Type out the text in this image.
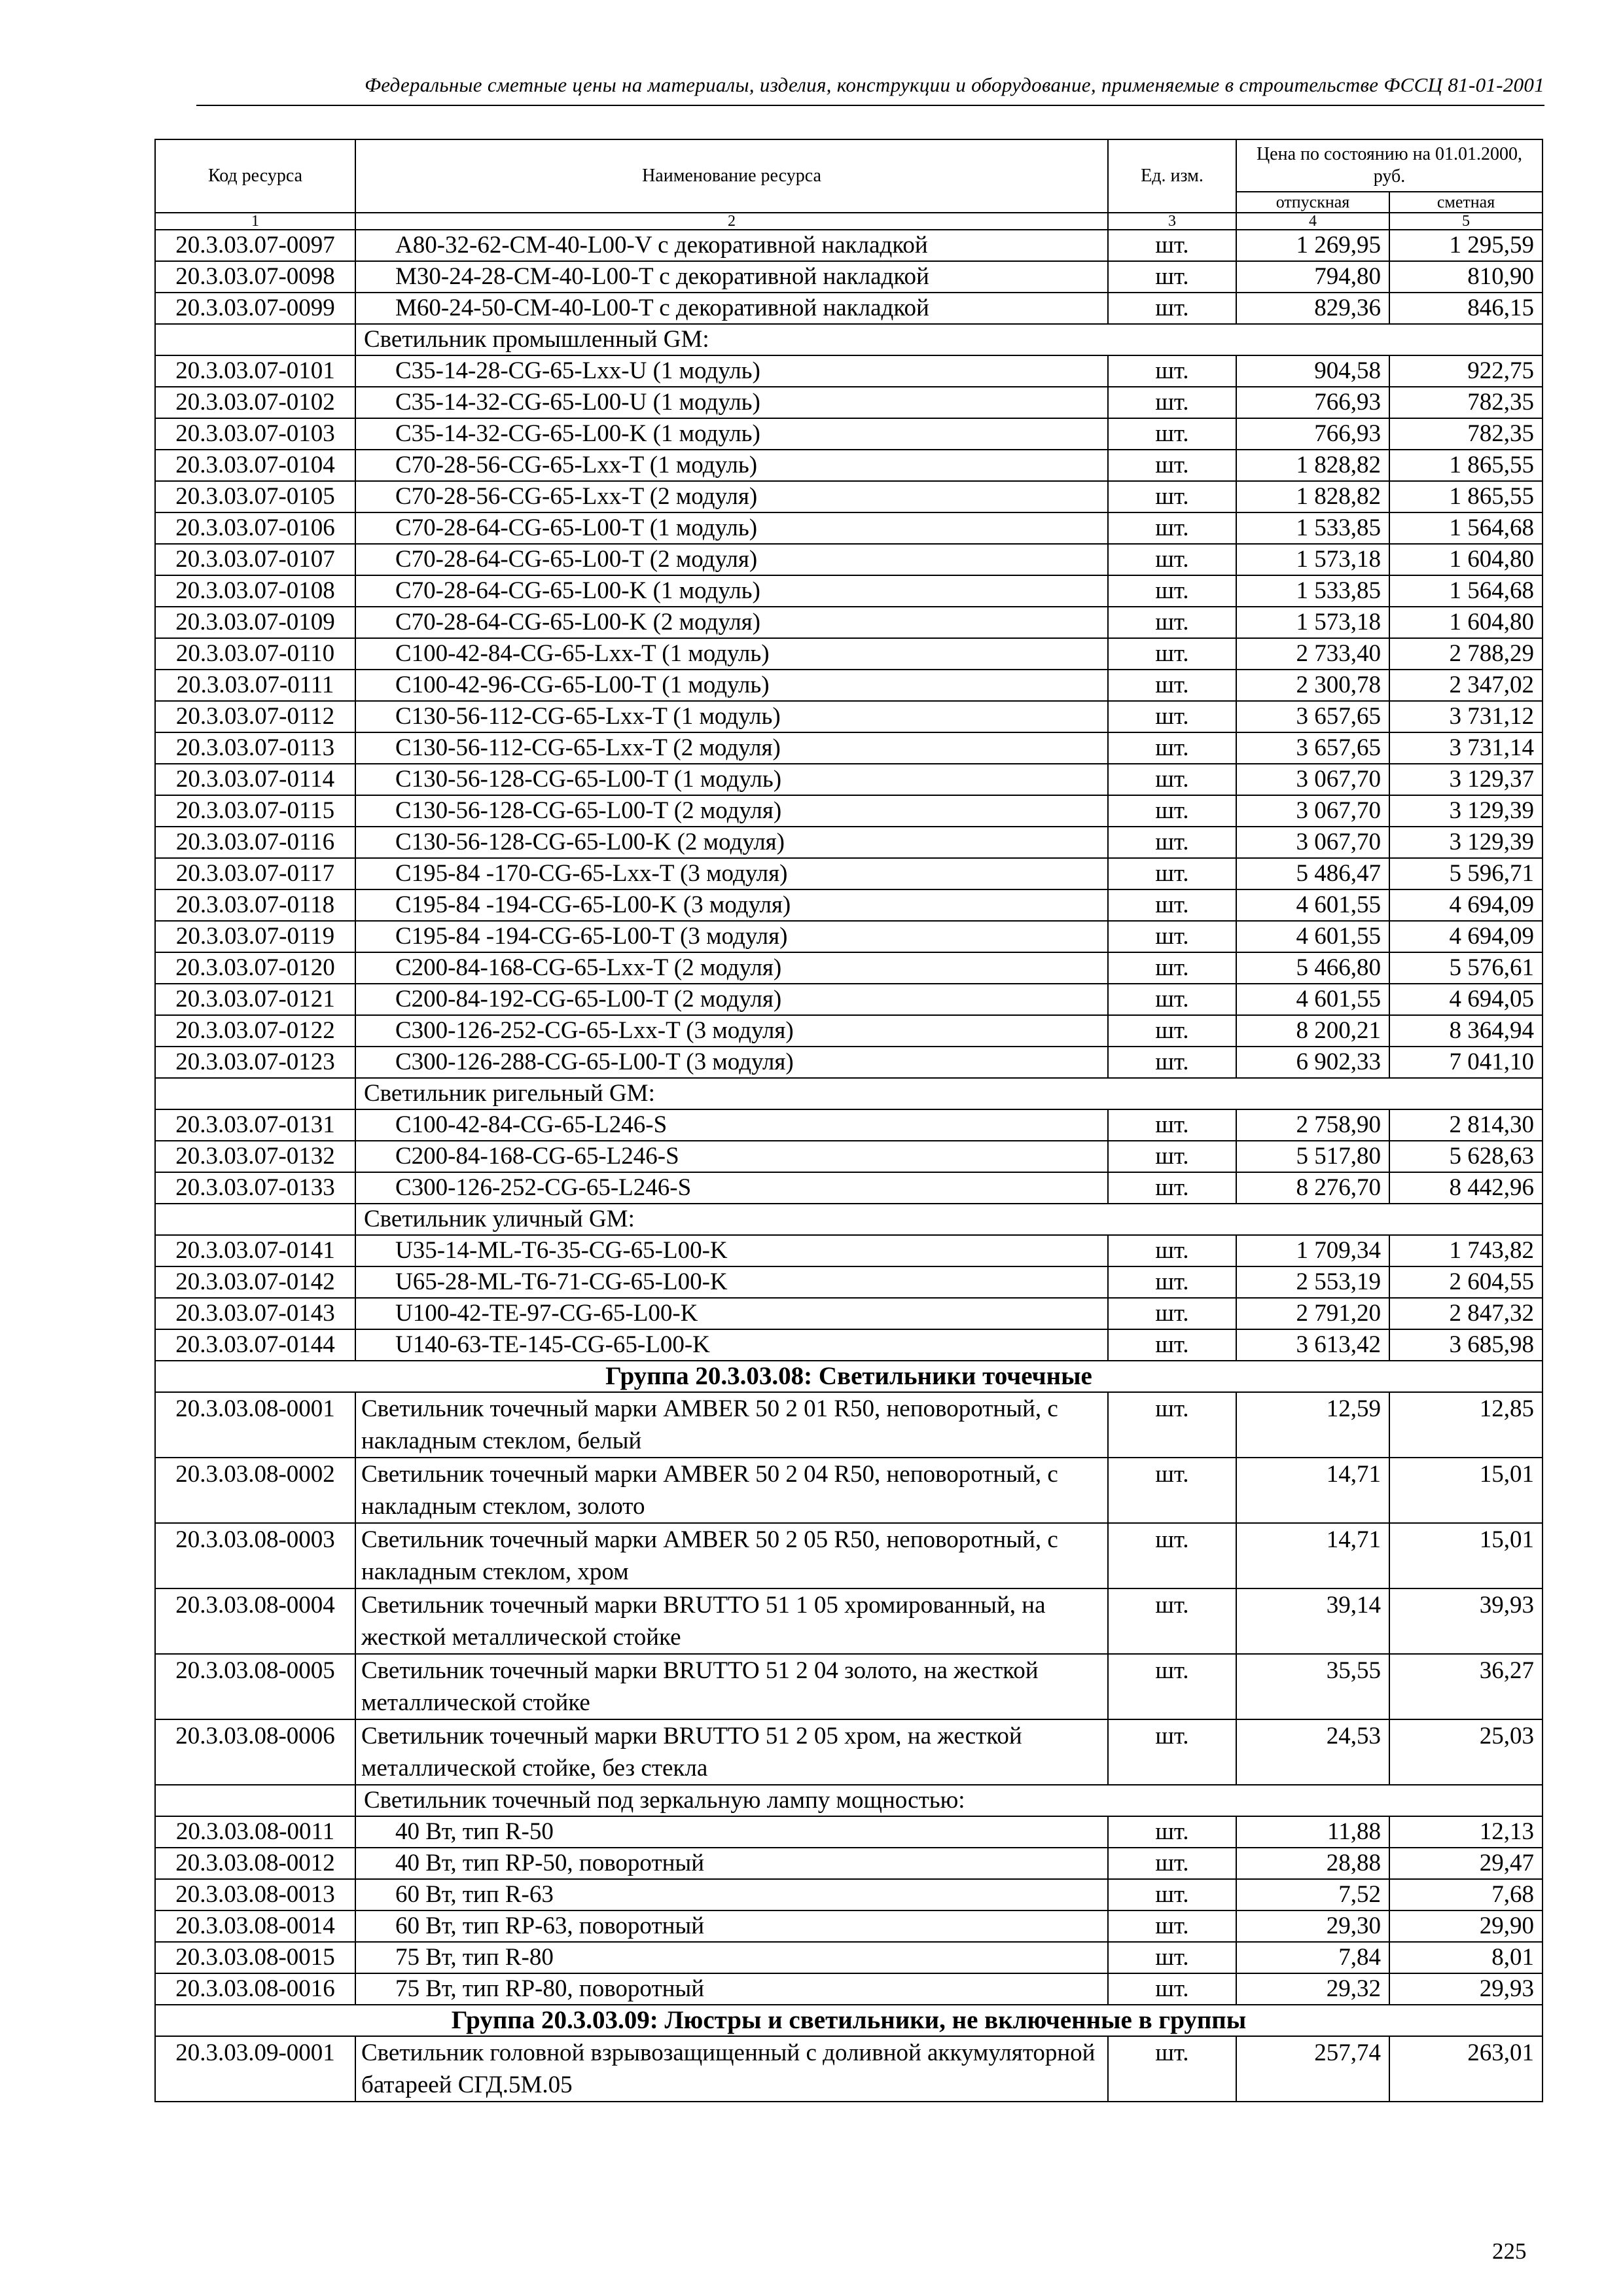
Федеральные сметные цены на материалы, изделия, конструкции и оборудование, применяемые в строительстве ФССЦ 81-01-2001
Код ресурса	Наименование ресурса	Ед. изм.	Цена по состоянию на 01.01.2000, руб.	
			отпускная	сметная
1	2	3	4	5
20.3.03.07-0097	A80-32-62-CM-40-L00-V с декоративной накладкой	шт.	1 269,95	1 295,59
20.3.03.07-0098	M30-24-28-CM-40-L00-T с декоративной накладкой	шт.	794,80	810,90
20.3.03.07-0099	M60-24-50-CM-40-L00-T с декоративной накладкой	шт.	829,36	846,15
	Светильник промышленный GM:			
20.3.03.07-0101	C35-14-28-CG-65-Lxx-U (1 модуль)	шт.	904,58	922,75
20.3.03.07-0102	C35-14-32-CG-65-L00-U (1 модуль)	шт.	766,93	782,35
20.3.03.07-0103	C35-14-32-CG-65-L00-K (1 модуль)	шт.	766,93	782,35
20.3.03.07-0104	C70-28-56-CG-65-Lxx-T (1 модуль)	шт.	1 828,82	1 865,55
20.3.03.07-0105	C70-28-56-CG-65-Lxx-T (2 модуля)	шт.	1 828,82	1 865,55
20.3.03.07-0106	C70-28-64-CG-65-L00-T (1 модуль)	шт.	1 533,85	1 564,68
20.3.03.07-0107	C70-28-64-CG-65-L00-T (2 модуля)	шт.	1 573,18	1 604,80
20.3.03.07-0108	C70-28-64-CG-65-L00-K (1 модуль)	шт.	1 533,85	1 564,68
20.3.03.07-0109	C70-28-64-CG-65-L00-K (2 модуля)	шт.	1 573,18	1 604,80
20.3.03.07-0110	C100-42-84-CG-65-Lxx-T (1 модуль)	шт.	2 733,40	2 788,29
20.3.03.07-0111	C100-42-96-CG-65-L00-T (1 модуль)	шт.	2 300,78	2 347,02
20.3.03.07-0112	C130-56-112-CG-65-Lxx-T (1 модуль)	шт.	3 657,65	3 731,12
20.3.03.07-0113	C130-56-112-CG-65-Lxx-T (2 модуля)	шт.	3 657,65	3 731,14
20.3.03.07-0114	C130-56-128-CG-65-L00-T (1 модуль)	шт.	3 067,70	3 129,37
20.3.03.07-0115	C130-56-128-CG-65-L00-T (2 модуля)	шт.	3 067,70	3 129,39
20.3.03.07-0116	C130-56-128-CG-65-L00-K (2 модуля)	шт.	3 067,70	3 129,39
20.3.03.07-0117	C195-84 -170-CG-65-Lxx-T (3 модуля)	шт.	5 486,47	5 596,71
20.3.03.07-0118	C195-84 -194-CG-65-L00-K (3 модуля)	шт.	4 601,55	4 694,09
20.3.03.07-0119	C195-84 -194-CG-65-L00-T (3 модуля)	шт.	4 601,55	4 694,09
20.3.03.07-0120	C200-84-168-CG-65-Lxx-T (2 модуля)	шт.	5 466,80	5 576,61
20.3.03.07-0121	C200-84-192-CG-65-L00-T (2 модуля)	шт.	4 601,55	4 694,05
20.3.03.07-0122	C300-126-252-CG-65-Lxx-T (3 модуля)	шт.	8 200,21	8 364,94
20.3.03.07-0123	C300-126-288-CG-65-L00-T (3 модуля)	шт.	6 902,33	7 041,10
	Светильник ригельный GM:			
20.3.03.07-0131	C100-42-84-CG-65-L246-S	шт.	2 758,90	2 814,30
20.3.03.07-0132	C200-84-168-CG-65-L246-S	шт.	5 517,80	5 628,63
20.3.03.07-0133	C300-126-252-CG-65-L246-S	шт.	8 276,70	8 442,96
	Светильник уличный GM:			
20.3.03.07-0141	U35-14-ML-T6-35-CG-65-L00-K	шт.	1 709,34	1 743,82
20.3.03.07-0142	U65-28-ML-T6-71-CG-65-L00-K	шт.	2 553,19	2 604,55
20.3.03.07-0143	U100-42-TE-97-CG-65-L00-K	шт.	2 791,20	2 847,32
20.3.03.07-0144	U140-63-TE-145-CG-65-L00-K	шт.	3 613,42	3 685,98
Группа 20.3.03.08: Светильники точечные				
20.3.03.08-0001	Светильник точечный марки AMBER 50 2 01 R50, неповоротный, с накладным стеклом, белый	шт.	12,59	12,85
20.3.03.08-0002	Светильник точечный марки AMBER 50 2 04 R50, неповоротный, с накладным стеклом, золото	шт.	14,71	15,01
20.3.03.08-0003	Светильник точечный марки AMBER 50 2 05 R50, неповоротный, с накладным стеклом, хром	шт.	14,71	15,01
20.3.03.08-0004	Светильник точечный марки BRUTTO 51 1 05 хромированный, на жесткой металлической стойке	шт.	39,14	39,93
20.3.03.08-0005	Светильник точечный марки BRUTTO 51 2 04 золото, на жесткой металлической стойке	шт.	35,55	36,27
20.3.03.08-0006	Светильник точечный марки BRUTTO 51 2 05 хром, на жесткой металлической стойке, без стекла	шт.	24,53	25,03
	Светильник точечный под зеркальную лампу мощностью:			
20.3.03.08-0011	40 Вт, тип R-50	шт.	11,88	12,13
20.3.03.08-0012	40 Вт, тип RP-50, поворотный	шт.	28,88	29,47
20.3.03.08-0013	60 Вт, тип R-63	шт.	7,52	7,68
20.3.03.08-0014	60 Вт, тип RP-63, поворотный	шт.	29,30	29,90
20.3.03.08-0015	75 Вт, тип R-80	шт.	7,84	8,01
20.3.03.08-0016	75 Вт, тип RP-80, поворотный	шт.	29,32	29,93
Группа 20.3.03.09: Люстры и светильники, не включенные в группы				
20.3.03.09-0001	Светильник головной взрывозащищенный с доливной аккумуляторной батареей СГД.5М.05	шт.	257,74	263,01
225
